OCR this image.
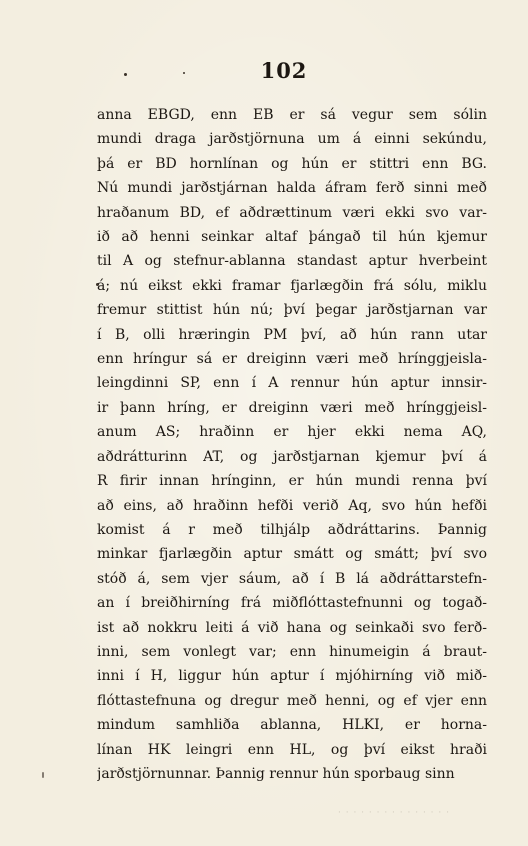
102
anna EBGD, enn EB er sá vegur sem sólin
mundi draga jarðstjörnuna um á einni sekúndu,
þá er BD hornlínan og hún er stittri enn BG.
Nú mundi jarðstjárnan halda áfram ferð sinni með
hraðanum BD, ef aðdrættinum væri ekki svo var-
ið að henni seinkar altaf þángað til hún kjemur
til A og stefnur-ablanna standast aptur hverbeint
á; nú eikst ekki framar fjarlægðin frá sólu, miklu
fremur stittist hún nú; því þegar jarðstjarnan var
í B, olli hræringin PM því, að hún rann utar
enn hríngur sá er dreiginn væri með hrínggjeisla-
leingdinni SP, enn í A rennur hún aptur innsir-
ir þann hríng, er dreiginn væri með hrínggjeisl-
anum AS; hraðinn er hjer ekki nema AQ,
aðdrátturinn AT, og jarðstjarnan kjemur því á
R firir innan hrínginn, er hún mundi renna því
að eins, að hraðinn hefði verið Aq, svo hún hefði
komist á r með tilhjálp aðdráttarins. Þannig
minkar fjarlægðin aptur smátt og smátt; því svo
stóð á, sem vjer sáum, að í B lá aðdráttarstefn-
an í breiðhirníng frá miðflóttastefnunni og togað-
ist að nokkru leiti á við hana og seinkaði svo ferð-
inni, sem vonlegt var; enn hinumeigin á braut-
inni í H, liggur hún aptur í mjóhirníng við mið-
flóttastefnuna og dregur með henni, og ef vjer enn
mindum samhliða ablanna, HLKI, er horna-
línan HK leingri enn HL, og því eikst hraði
jarðstjörnunnar. Þannig rennur hún sporbaug sinn
· · · · · · · · · · · · · · ·
